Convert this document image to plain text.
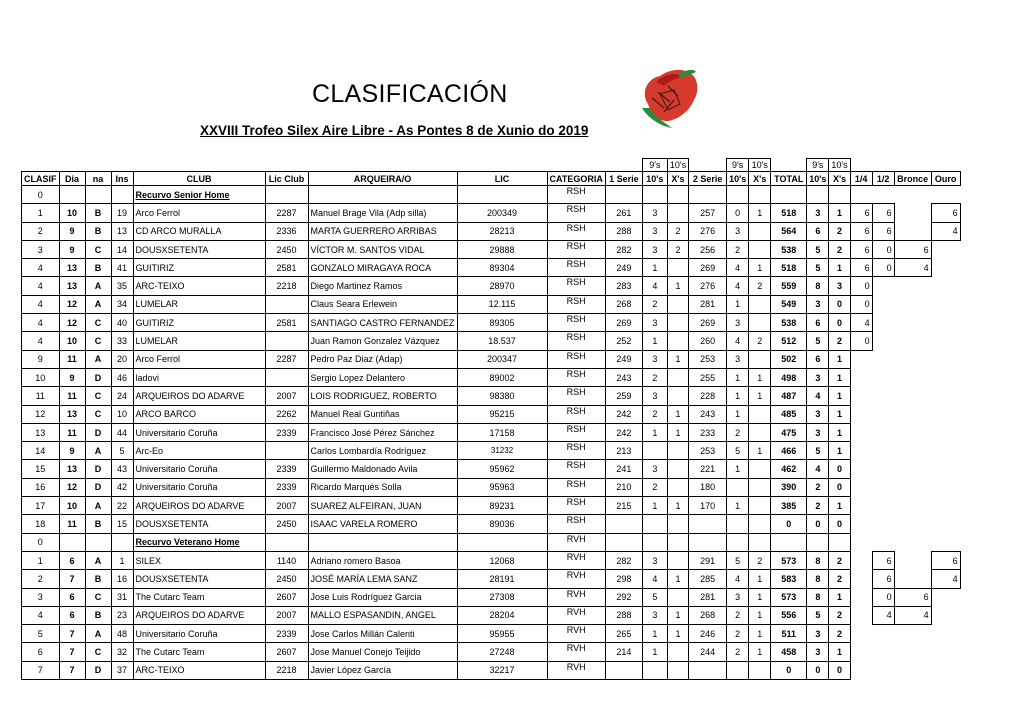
CLASIFICACIÓN
XXVIII Trofeo Silex Aire Libre - As Pontes 8 de Xunio do 2019
										9's	10's		9's	10's		9's	10's				
CLASIF	Dia	na	Ins	CLUB	Lic Club	ARQUEIRA/O	LIC	CATEGORIA	1 Serie	10's	X's	2 Serie	10's	X's	TOTAL	10's	X's	1/4	1/2	Bronce	Ouro
0				Recurvo Senior Home				RSH													
1	10	B	19	Arco Ferrol	2287	Manuel Brage Vila (Adp silla)	200349	RSH	261	3		257	0	1	518	3	1	6	6		6
2	9	B	13	CD ARCO MURALLA	2336	MARTA GUERRERO ARRIBAS	28213	RSH	288	3	2	276	3		564	6	2	6	6		4
3	9	C	14	DOUSXSETENTA	2450	VÍCTOR M. SANTOS VIDAL	29888	RSH	282	3	2	256	2		538	5	2	6	0	6	
4	13	B	41	GUITIRIZ	2581	GONZALO MIRAGAYA ROCA	89304	RSH	249	1		269	4	1	518	5	1	6	0	4	
4	13	A	35	ARC-TEIXO	2218	Diego Martinez Ramos	28970	RSH	283	4	1	276	4	2	559	8	3	0			
4	12	A	34	LUMELAR		Claus Seara Erlewein	12.115	RSH	268	2		281	1		549	3	0	0			
4	12	C	40	GUITIRIZ	2581	SANTIAGO CASTRO FERNANDEZ	89305	RSH	269	3		269	3		538	6	0	4			
4	10	C	33	LUMELAR		Juan Ramon Gonzalez Vázquez	18.537	RSH	252	1		260	4	2	512	5	2	0			
9	11	A	20	Arco Ferrol	2287	Pedro Paz Diaz (Adap)	200347	RSH	249	3	1	253	3		502	6	1				
10	9	D	46	ladovi		Sergio Lopez Delantero	89002	RSH	243	2		255	1	1	498	3	1				
11	11	C	24	ARQUEIROS DO ADARVE	2007	LOIS RODRIGUEZ, ROBERTO	98380	RSH	259	3		228	1	1	487	4	1				
12	13	C	10	ARCO BARCO	2262	Manuel Real Guntiñas	95215	RSH	242	2	1	243	1		485	3	1				
13	11	D	44	Universitario Coruña	2339	Francisco José Pérez Sánchez	17158	RSH	242	1	1	233	2		475	3	1				
14	9	A	5	Arc-Eo		Carlos Lombardía Rodríguez	31232	RSH	213			253	5	1	466	5	1				
15	13	D	43	Universitario Coruña	2339	Guillermo Maldonado Avila	95962	RSH	241	3		221	1		462	4	0				
16	12	D	42	Universitario Coruña	2339	Ricardo Marqués Solla	95963	RSH	210	2		180			390	2	0				
17	10	A	22	ARQUEIROS DO ADARVE	2007	SUAREZ ALFEIRAN, JUAN	89231	RSH	215	1	1	170	1		385	2	1				
18	11	B	15	DOUSXSETENTA	2450	ISAAC VARELA ROMERO	89036	RSH							0	0	0				
0				Recurvo Veterano Home				RVH													
1	6	A	1	SILEX	1140	Adriano romero Basoa	12068	RVH	282	3		291	5	2	573	8	2		6		6
2	7	B	16	DOUSXSETENTA	2450	JOSÉ MARÍA LEMA SANZ	28191	RVH	298	4	1	285	4	1	583	8	2		6		4
3	6	C	31	The Cutarc Team	2607	Jose Luis Rodríguez Garcia	27308	RVH	292	5		281	3	1	573	8	1		0	6	
4	6	B	23	ARQUEIROS DO ADARVE	2007	MALLO ESPASANDIN, ANGEL	28204	RVH	288	3	1	268	2	1	556	5	2		4	4	
5	7	A	48	Universitario Coruña	2339	Jose Carlos Millán Calenti	95955	RVH	265	1	1	246	2	1	511	3	2				
6	7	C	32	The Cutarc Team	2607	Jose Manuel Conejo Teijido	27248	RVH	214	1		244	2	1	458	3	1				
7	7	D	37	ARC-TEIXO	2218	Javier López García	32217	RVH							0	0	0				
